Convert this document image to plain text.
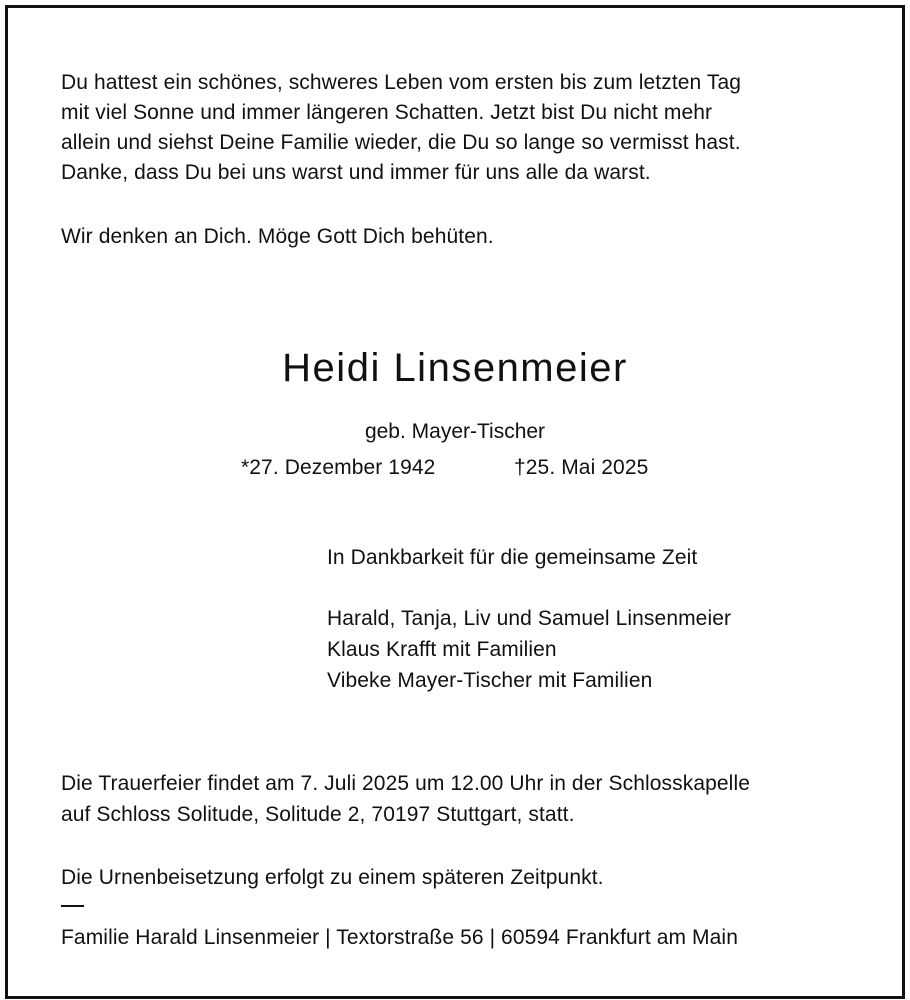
Du hattest ein schönes, schweres Leben vom ersten bis zum letzten Tag
mit viel Sonne und immer längeren Schatten. Jetzt bist Du nicht mehr
allein und siehst Deine Familie wieder, die Du so lange so vermisst hast.
Danke, dass Du bei uns warst und immer für uns alle da warst.
Wir denken an Dich. Möge Gott Dich behüten.
Heidi Linsenmeier
geb. Mayer-Tischer
*27. Dezember 1942	†25. Mai 2025
In Dankbarkeit für die gemeinsame Zeit
Harald, Tanja, Liv und Samuel Linsenmeier
Klaus Krafft mit Familien
Vibeke Mayer-Tischer mit Familien
Die Trauerfeier findet am 7. Juli 2025 um 12.00 Uhr in der Schlosskapelle
auf Schloss Solitude, Solitude 2, 70197 Stuttgart, statt.
Die Urnenbeisetzung erfolgt zu einem späteren Zeitpunkt.
Familie Harald Linsenmeier | Textorstraße 56 | 60594 Frankfurt am Main
